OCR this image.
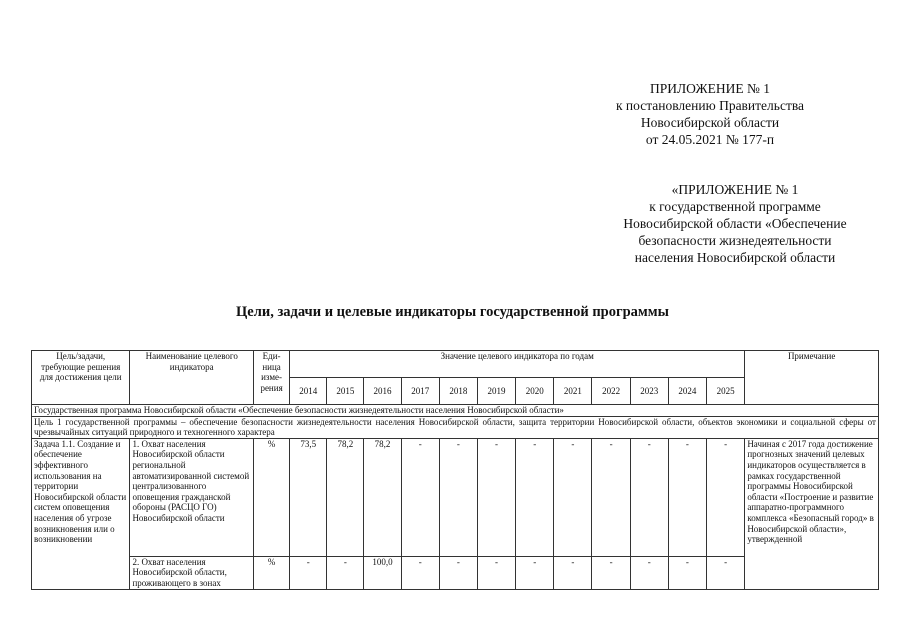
ПРИЛОЖЕНИЕ № 1
к постановлению Правительства
Новосибирской области
от 24.05.2021 № 177-п
«ПРИЛОЖЕНИЕ № 1
к государственной программе
Новосибирской области «Обеспечение
безопасности жизнедеятельности
населения Новосибирской области
Цели, задачи и целевые индикаторы государственной программы
Цель/задачи, требующие решения для достижения цели	Наименование целевого индикатора	Еди-ница изме-рения	Значение целевого индикатора по годам												Примечание
			2014	2015	2016	2017	2018	2019	2020	2021	2022	2023	2024	2025	
Государственная программа Новосибирской области «Обеспечение безопасности жизнедеятельности населения Новосибирской области»															
Цель 1 государственной программы – обеспечение безопасности жизнедеятельности населения Новосибирской области, защита территории Новосибирской области, объектов экономики и социальной сферы от чрезвычайных ситуаций природного и техногенного характера															
Задача 1.1. Создание и обеспечение эффективного использования на территории Новосибирской области систем оповещения населения об угрозе возникновения или о возникновении	1. Охват населения Новосибирской области региональной автоматизированной системой централизованного оповещения гражданской обороны (РАСЦО ГО) Новосибирской области	%	73,5	78,2	78,2	-	-	-	-	-	-	-	-	-	Начиная с 2017 года достижение прогнозных значений целевых индикаторов осуществляется в рамках государственной программы Новосибирской области «Построение и развитие аппаратно-программного комплекса «Безопасный город» в Новосибирской области», утвержденной
	2. Охват населения Новосибирской области, проживающего в зонах	%	-	-	100,0	-	-	-	-	-	-	-	-	-	
